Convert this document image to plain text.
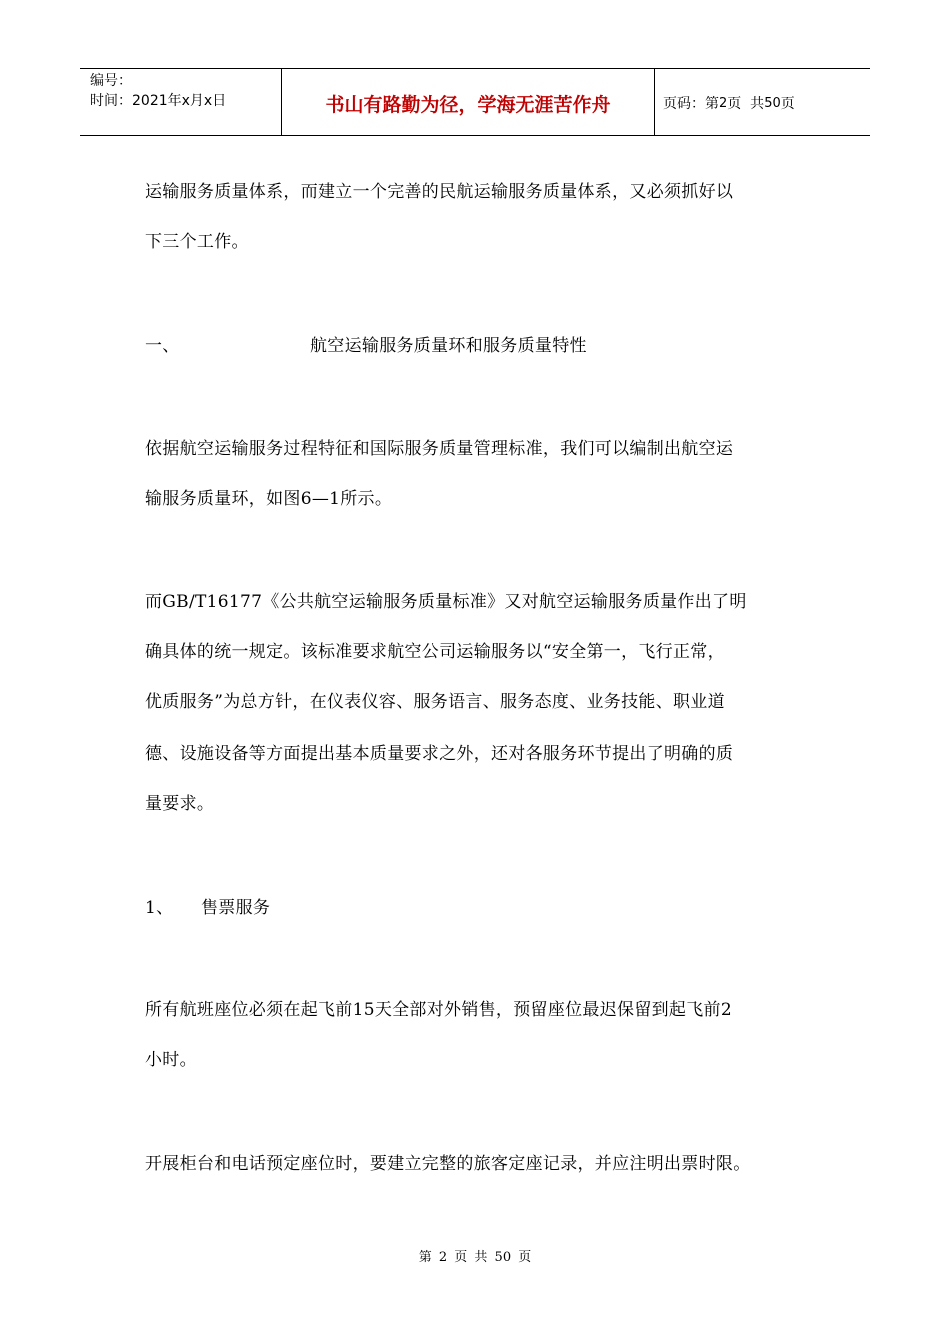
编号：
时间：2021年x月x日	书山有路勤为径，学海无涯苦作舟	页码：第 2 页  共 50 页
运输服务质量体系，而建立一个完善的民航运输服务质量体系，又必须抓好以
下三个工作。
一、	航空运输服务质量环和服务质量特性
依据航空运输服务过程特征和国际服务质量管理标准，我们可以编制出航空运
输服务质量环，如图6—1所示。
而GB/T16177《公共航空运输服务质量标准》又对航空运输服务质量作出了明
确具体的统一规定。该标准要求航空公司运输服务以“安全第一，飞行正常，
优质服务”为总方针，在仪表仪容、服务语言、服务态度、业务技能、职业道
德、设施设备等方面提出基本质量要求之外，还对各服务环节提出了明确的质
量要求。
1、 售票服务
所有航班座位必须在起飞前15天全部对外销售，预留座位最迟保留到起飞前2
小时。
开展柜台和电话预定座位时，要建立完整的旅客定座记录，并应注明出票时限。
第 2 页 共 50 页
